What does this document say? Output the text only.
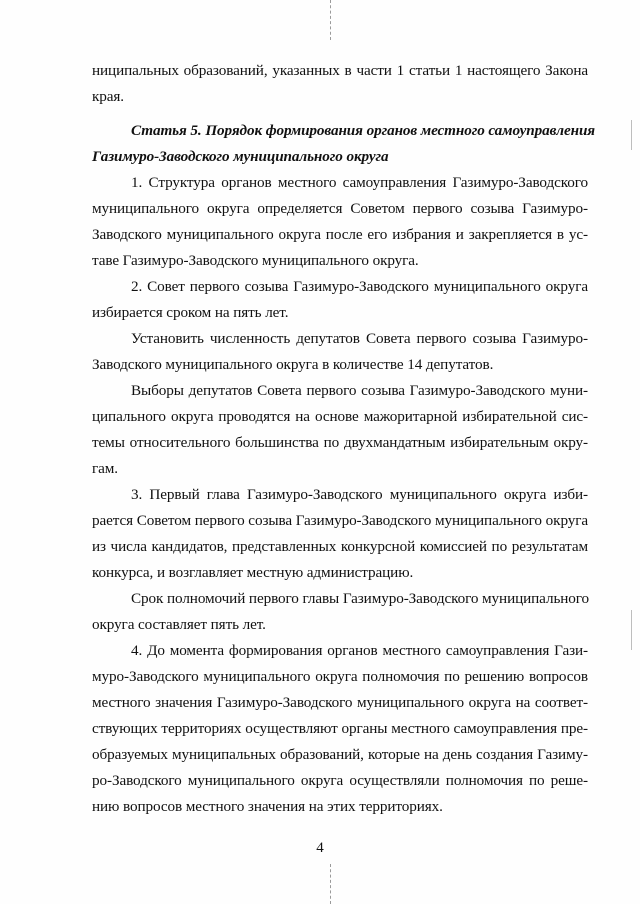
ниципальных образований, указанных в части 1 статьи 1 настоящего Закона
края.
Статья 5. Порядок формирования органов местного самоуправления
Газимуро-Заводского муниципального округа
1. Структура органов местного самоуправления Газимуро-Заводского
муниципального округа определяется Советом первого созыва Газимуро-
Заводского муниципального округа после его избрания и закрепляется в ус-
таве Газимуро-Заводского муниципального округа.
2. Совет первого созыва Газимуро-Заводского муниципального округа
избирается сроком на пять лет.
Установить численность депутатов Совета первого созыва Газимуро-
Заводского муниципального округа в количестве 14 депутатов.
Выборы депутатов Совета первого созыва Газимуро-Заводского муни-
ципального округа проводятся на основе мажоритарной избирательной сис-
темы относительного большинства по двухмандатным избирательным окру-
гам.
3. Первый глава Газимуро-Заводского муниципального округа изби-
рается Советом первого созыва Газимуро-Заводского муниципального округа
из числа кандидатов, представленных конкурсной комиссией по результатам
конкурса, и возглавляет местную администрацию.
Срок полномочий первого главы Газимуро-Заводского муниципального
округа составляет пять лет.
4. До момента формирования органов местного самоуправления Гази-
муро-Заводского муниципального округа полномочия по решению вопросов
местного значения Газимуро-Заводского муниципального округа на соответ-
ствующих территориях осуществляют органы местного самоуправления пре-
образуемых муниципальных образований, которые на день создания Газиму-
ро-Заводского муниципального округа осуществляли полномочия по реше-
нию вопросов местного значения на этих территориях.
4
